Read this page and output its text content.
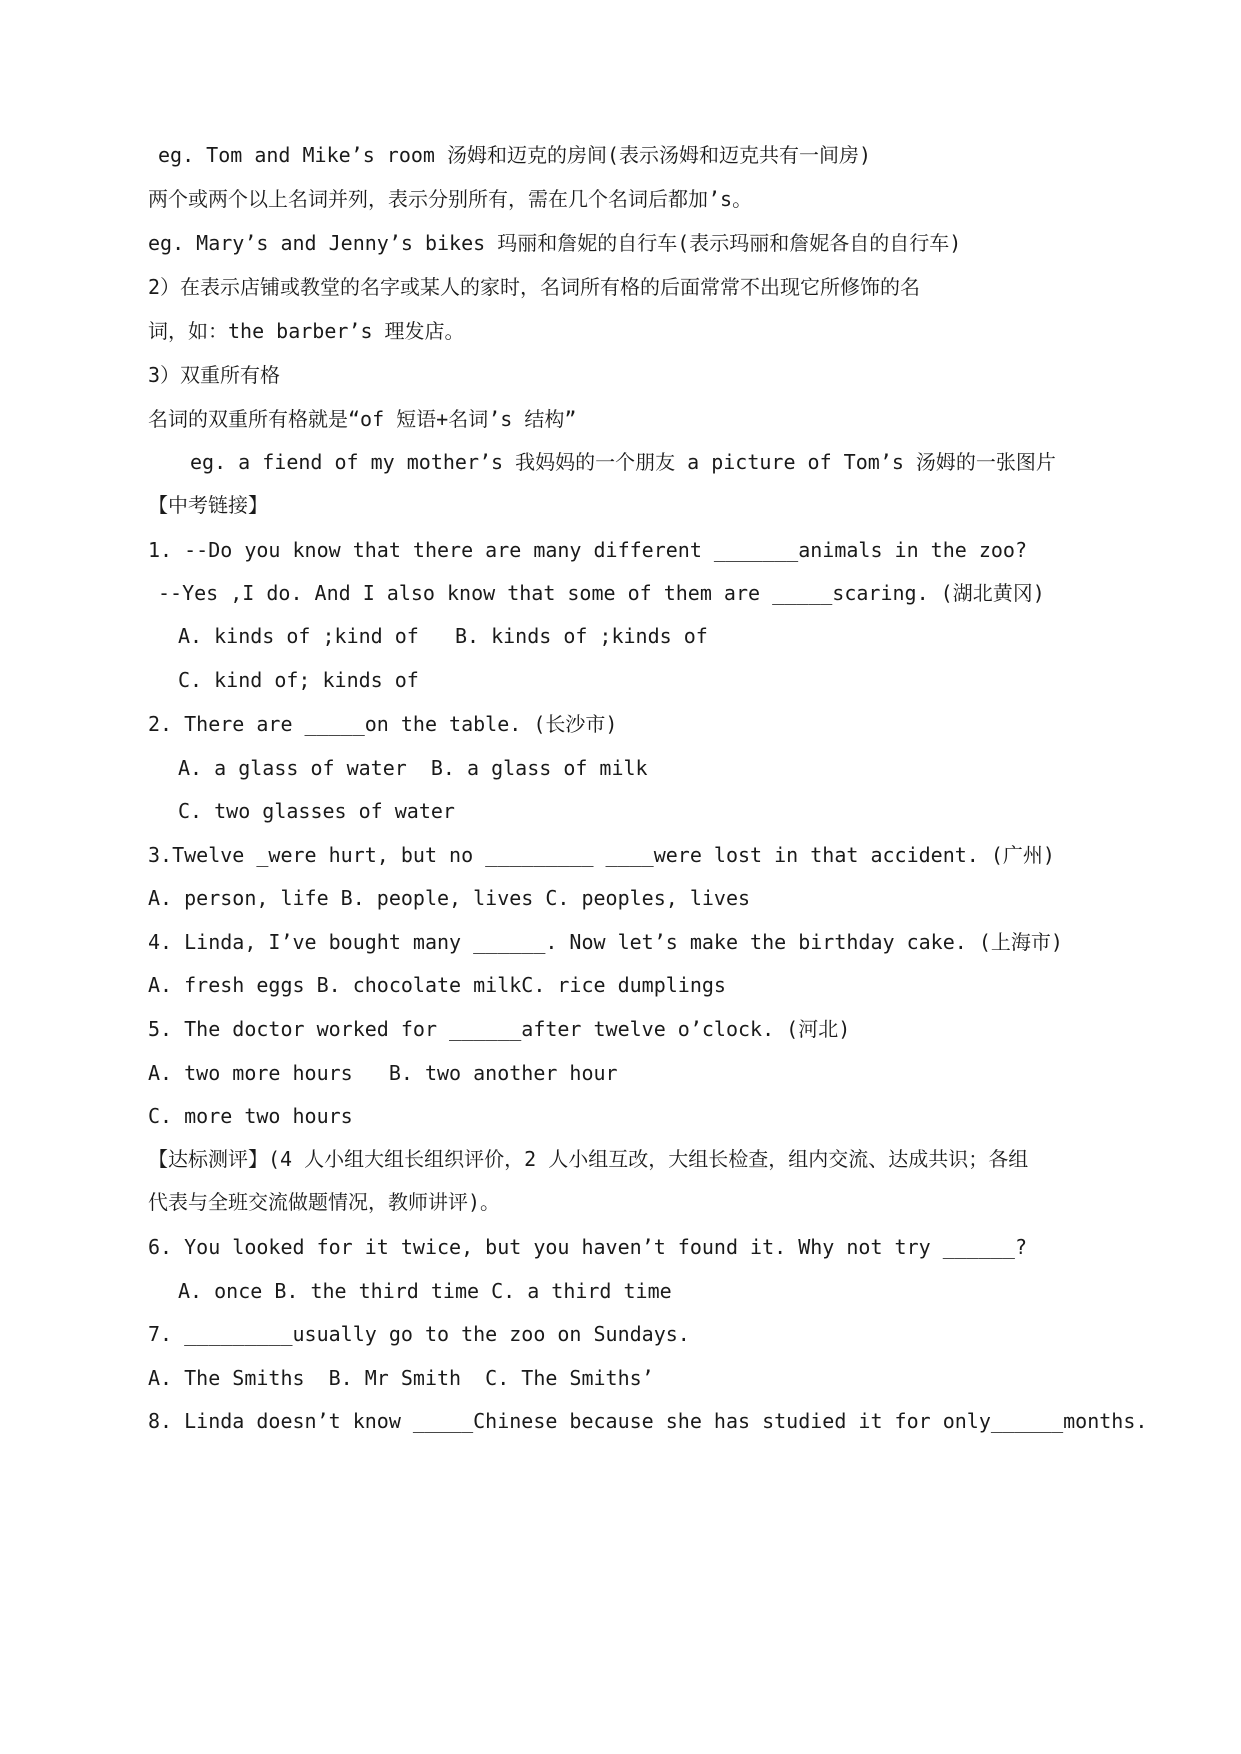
eg. Tom and Mike’s room 汤姆和迈克的房间(表示汤姆和迈克共有一间房)
两个或两个以上名词并列，表示分别所有，需在几个名词后都加’s。
eg. Mary’s and Jenny’s bikes 玛丽和詹妮的自行车(表示玛丽和詹妮各自的自行车)
2）在表示店铺或教堂的名字或某人的家时，名词所有格的后面常常不出现它所修饰的名
词，如：the barber’s 理发店。
3）双重所有格
名词的双重所有格就是“of 短语+名词’s 结构”
eg. a fiend of my mother’s 我妈妈的一个朋友 a picture of Tom’s 汤姆的一张图片
【中考链接】
1. --Do you know that there are many different _______animals in the zoo?
--Yes ,I do. And I also know that some of them are _____scaring. (湖北黄冈)
A. kinds of ;kind of   B. kinds of ;kinds of
C. kind of; kinds of
2. There are _____on the table. (长沙市)
A. a glass of water  B. a glass of milk
C. two glasses of water
3.Twelve _were hurt, but no _________ ____were lost in that accident. (广州)
A. person, life B. people, lives C. peoples, lives
4. Linda, I’ve bought many ______. Now let’s make the birthday cake. (上海市)
A. fresh eggs B. chocolate milkC. rice dumplings
5. The doctor worked for ______after twelve o’clock. (河北)
A. two more hours   B. two another hour
C. more two hours
【达标测评】(4 人小组大组长组织评价，2 人小组互改，大组长检查，组内交流、达成共识；各组
代表与全班交流做题情况，教师讲评)。
6. You looked for it twice, but you haven’t found it. Why not try ______?
A. once B. the third time C. a third time
7. _________usually go to the zoo on Sundays.
A. The Smiths  B. Mr Smith  C. The Smiths’
8. Linda doesn’t know _____Chinese because she has studied it for only______months.
